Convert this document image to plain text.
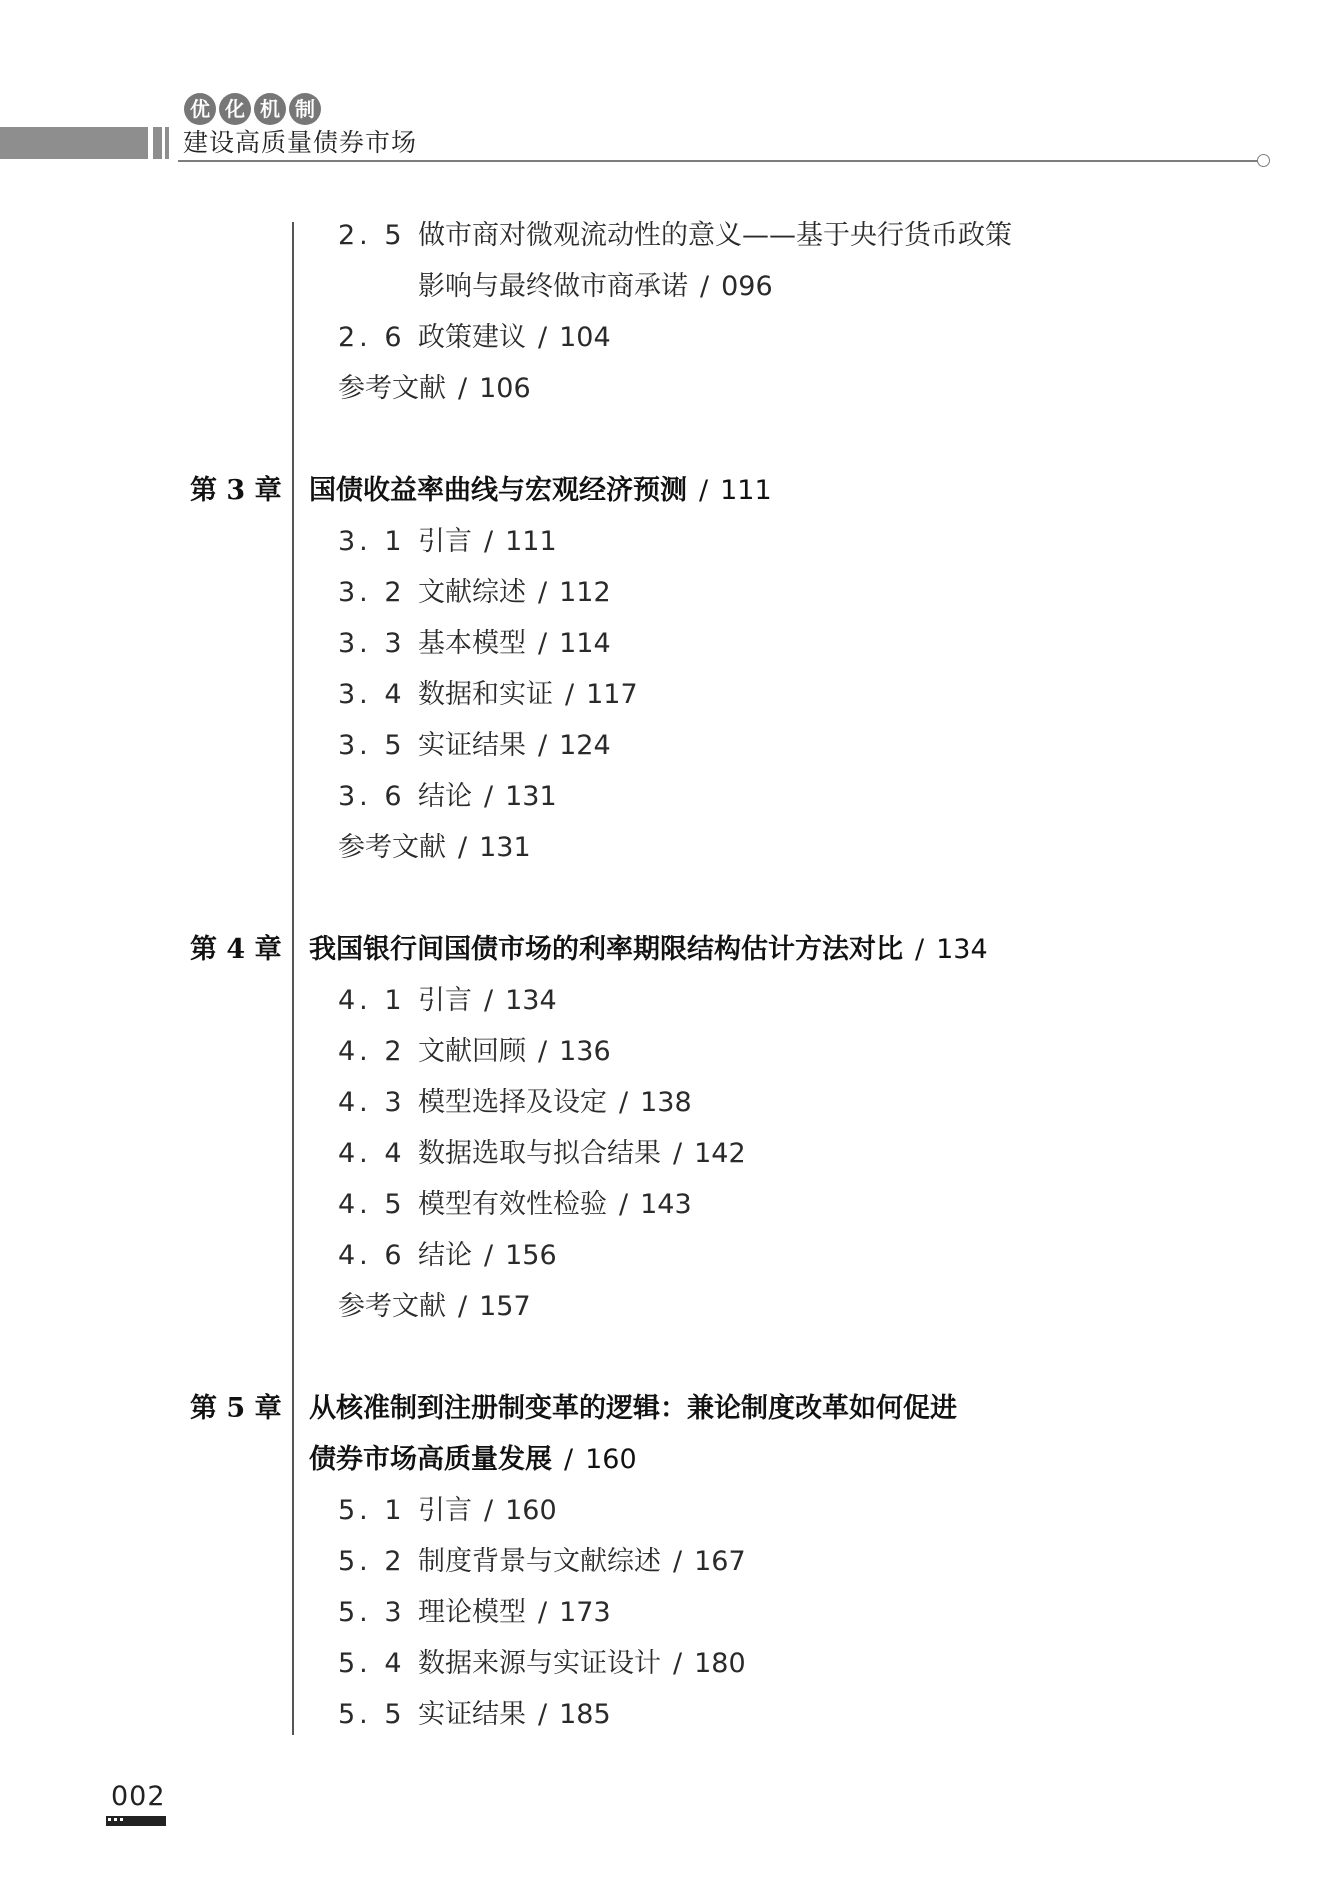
优 化 机 制
建设高质量债券市场
2. 5 做市商对微观流动性的意义——基于央行货币政策
影响与最终做市商承诺 / 096
2. 6 政策建议 / 104
参考文献 / 106
第 3 章 国债收益率曲线与宏观经济预测 / 111
3. 1 引言 / 111
3. 2 文献综述 / 112
3. 3 基本模型 / 114
3. 4 数据和实证 / 117
3. 5 实证结果 / 124
3. 6 结论 / 131
参考文献 / 131
第 4 章 我国银行间国债市场的利率期限结构估计方法对比 / 134
4. 1 引言 / 134
4. 2 文献回顾 / 136
4. 3 模型选择及设定 / 138
4. 4 数据选取与拟合结果 / 142
4. 5 模型有效性检验 / 143
4. 6 结论 / 156
参考文献 / 157
第 5 章 从核准制到注册制变革的逻辑：兼论制度改革如何促进
债券市场高质量发展 / 160
5. 1 引言 / 160
5. 2 制度背景与文献综述 / 167
5. 3 理论模型 / 173
5. 4 数据来源与实证设计 / 180
5. 5 实证结果 / 185
002
